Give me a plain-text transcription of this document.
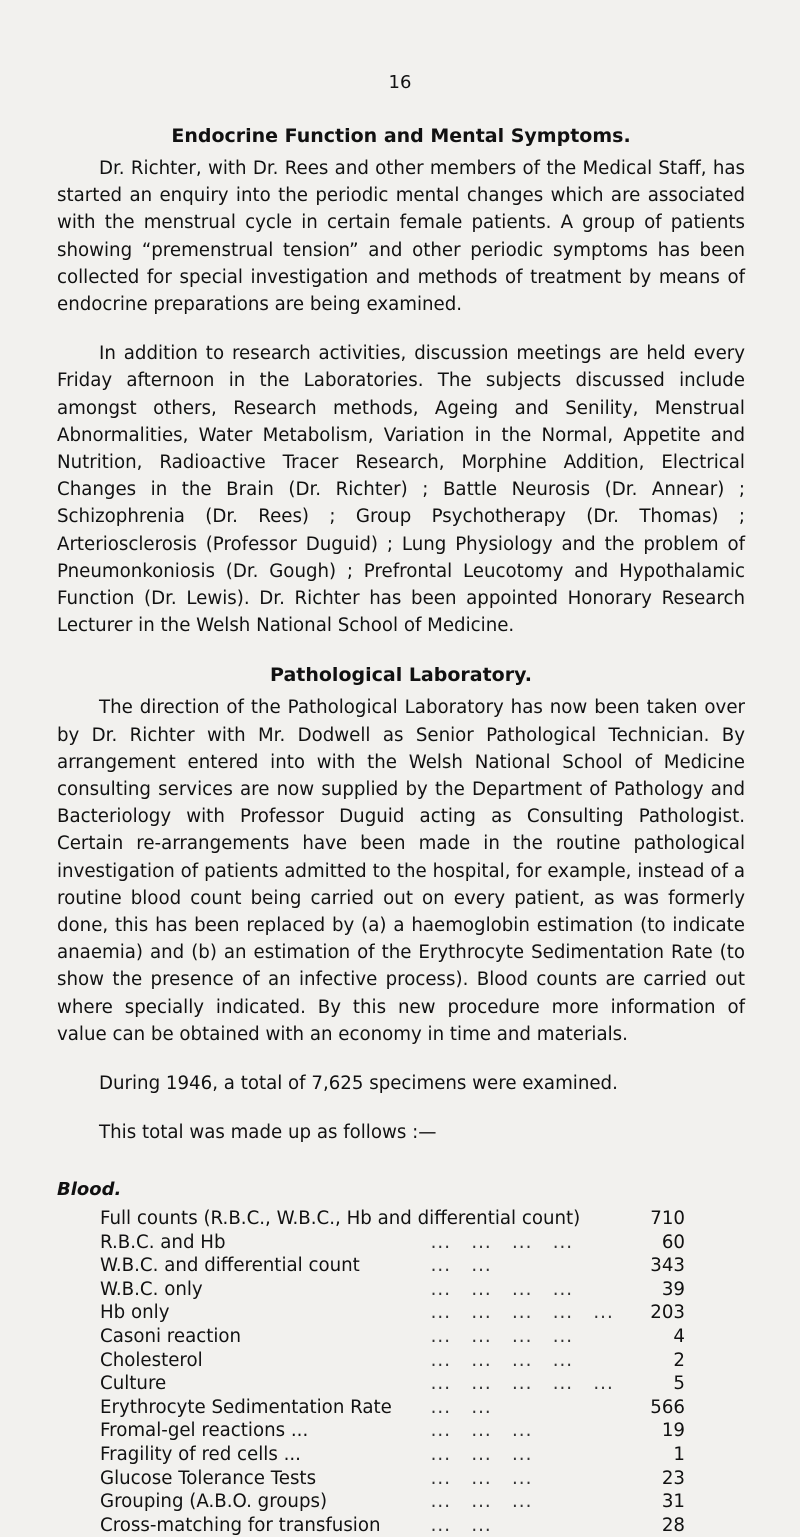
16
Endocrine Function and Mental Symptoms.

Dr. Richter, with Dr. Rees and other members of the Medical Staff, has started an enquiry into the periodic mental changes which are associated with the menstrual cycle in certain female patients. A group of patients showing “premenstrual tension” and other periodic symptoms has been collected for special investigation and methods of treatment by means of endocrine preparations are being examined.

In addition to research activities, discussion meetings are held every Friday afternoon in the Laboratories. The subjects discussed include amongst others, Research methods, Ageing and Senility, Menstrual Abnormalities, Water Metabolism, Variation in the Normal, Appetite and Nutrition, Radioactive Tracer Research, Morphine Addition, Electrical Changes in the Brain (Dr. Richter) ; Battle Neurosis (Dr. Annear) ; Schizophrenia (Dr. Rees) ; Group Psychotherapy (Dr. Thomas) ; Arteriosclerosis (Professor Duguid) ; Lung Physiology and the problem of Pneumonkoniosis (Dr. Gough) ; Prefrontal Leucotomy and Hypothalamic Function (Dr. Lewis). Dr. Richter has been appointed Honorary Research Lecturer in the Welsh National School of Medicine.

Pathological Laboratory.

The direction of the Pathological Laboratory has now been taken over by Dr. Richter with Mr. Dodwell as Senior Pathological Technician. By arrangement entered into with the Welsh National School of Medicine consulting services are now supplied by the Department of Pathology and Bacteriology with Professor Duguid acting as Consulting Pathologist. Certain re-arrangements have been made in the routine pathological investigation of patients admitted to the hospital, for example, instead of a routine blood count being carried out on every patient, as was formerly done, this has been replaced by (a) a haemoglobin estimation (to indicate anaemia) and (b) an estimation of the Erythrocyte Sedimentation Rate (to show the presence of an infective process). Blood counts are carried out where specially indicated. By this new procedure more information of value can be obtained with an economy in time and materials.

During 1946, a total of 7,625 specimens were examined.
This total was made up as follows :—
Blood.
Full counts (R.B.C., W.B.C., Hb and differential count)		710
R.B.C. and Hb	...   ...   ...   ...	60
W.B.C. and differential count	...   ...	343
W.B.C. only	...   ...   ...   ...	39
Hb only	...   ...   ...   ...   ...	203
Casoni reaction	...   ...   ...   ...	4
Cholesterol	...   ...   ...   ...	2
Culture	...   ...   ...   ...   ...	5
Erythrocyte Sedimentation Rate	...   ...	566
Fromal-gel reactions ...	...   ...   ...	19
Fragility of red cells ...	...   ...   ...	1
Glucose Tolerance Tests	...   ...   ...	23
Grouping (A.B.O. groups)	...   ...   ...	31
Cross-matching for transfusion	...   ...	28
